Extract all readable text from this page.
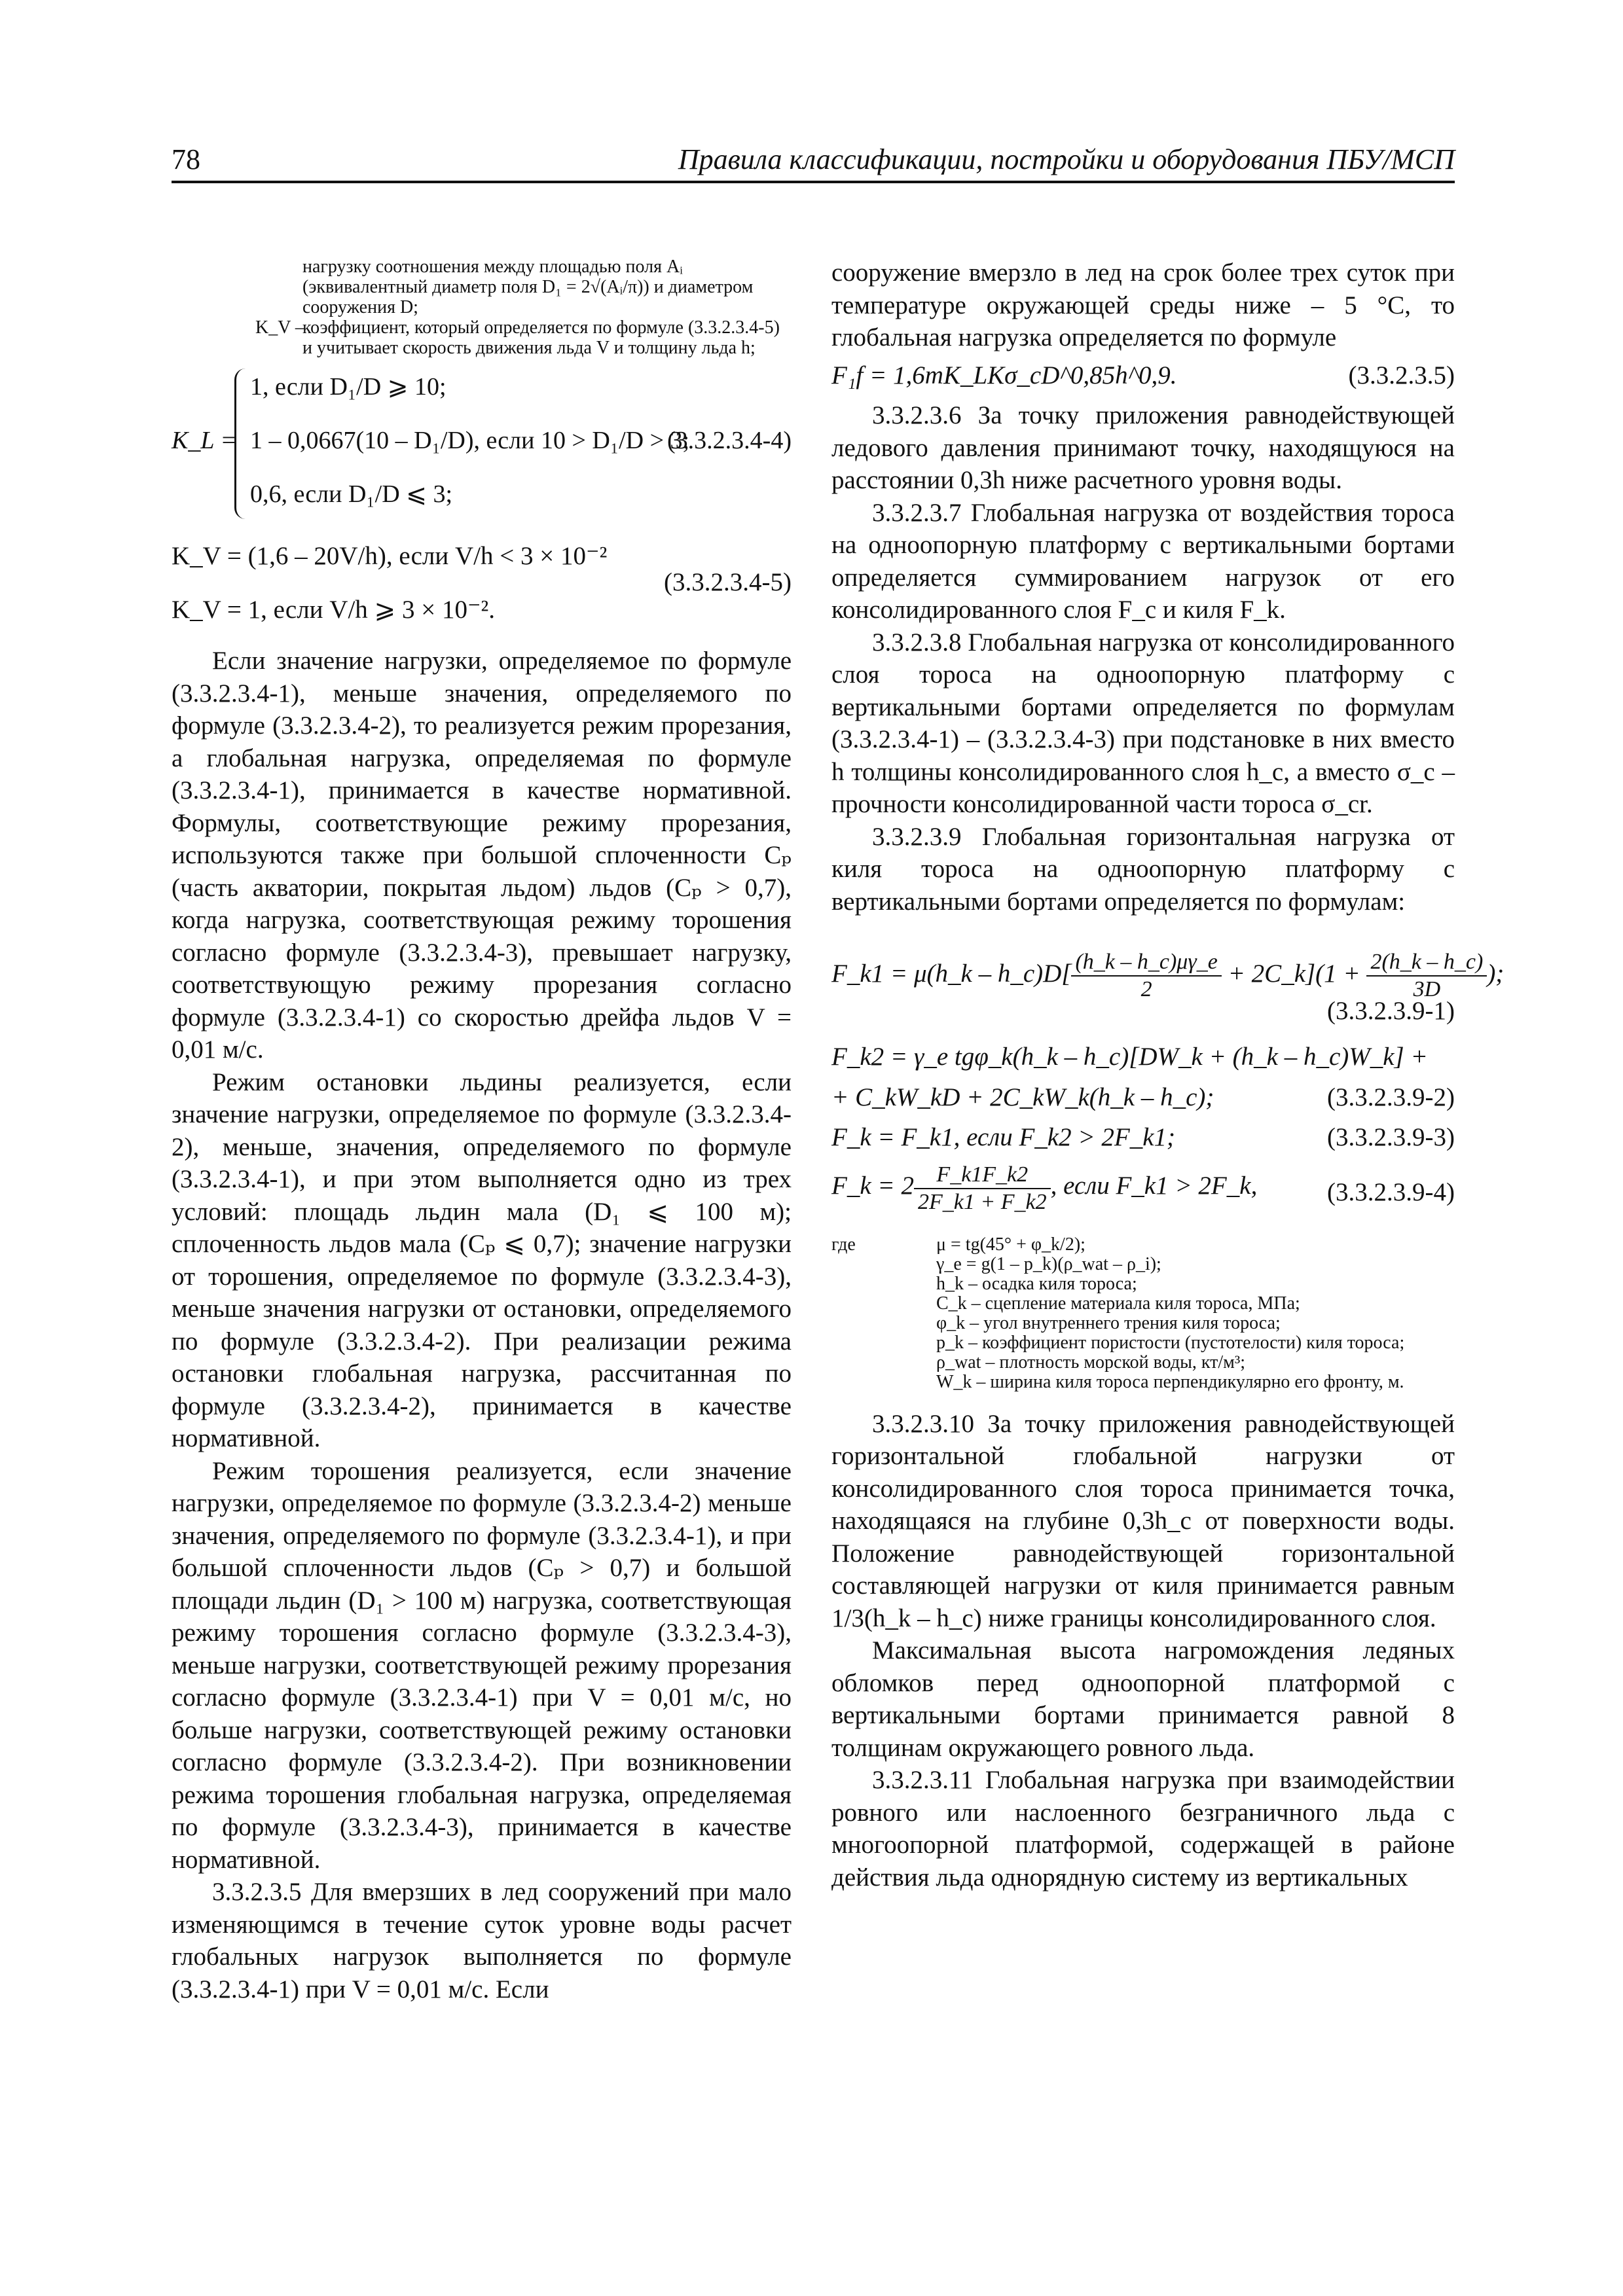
78	Правила классификации, постройки и оборудования ПБУ/МСП
нагрузку соотношения между площадью поля Aᵢ (эквивалентный диаметр поля D₁ = 2√(Aᵢ/π)) и диаметром сооружения D;
K_V –
коэффициент, который определяется по формуле (3.3.2.3.4-5) и учитывает скорость движения льда V и толщину льда h;
K_L =
1, если D₁/D ⩾ 10;
1 – 0,0667(10 – D₁/D), если 10 > D₁/D > 3;
0,6, если D₁/D ⩽ 3;
(3.3.2.3.4-4)
K_V = (1,6 – 20V/h), если V/h < 3 × 10⁻²
(3.3.2.3.4-5)
K_V = 1, если V/h ⩾ 3 × 10⁻².

Если значение нагрузки, определяемое по формуле (3.3.2.3.4-1), меньше значения, определяемого по формуле (3.3.2.3.4-2), то реализуется режим прорезания, а глобальная нагрузка, определяемая по формуле (3.3.2.3.4-1), принимается в качестве нормативной. Формулы, соответствующие режиму прорезания, используются также при большой сплоченности Cₚ (часть акватории, покрытая льдом) льдов (Cₚ > 0,7), когда нагрузка, соответствующая режиму торошения согласно формуле (3.3.2.3.4-3), превышает нагрузку, соответствующую режиму прорезания согласно формуле (3.3.2.3.4-1) со скоростью дрейфа льдов V = 0,01 м/с.

Режим остановки льдины реализуется, если значение нагрузки, определяемое по формуле (3.3.2.3.4-2), меньше, значения, определяемого по формуле (3.3.2.3.4-1), и при этом выполняется одно из трех условий: площадь льдин мала (D₁ ⩽ 100 м); сплоченность льдов мала (Cₚ ⩽ 0,7); значение нагрузки от торошения, определяемое по формуле (3.3.2.3.4-3), меньше значения нагрузки от остановки, определяемого по формуле (3.3.2.3.4-2). При реализации режима остановки глобальная нагрузка, рассчитанная по формуле (3.3.2.3.4-2), принимается в качестве нормативной.

Режим торошения реализуется, если значение нагрузки, определяемое по формуле (3.3.2.3.4-2) меньше значения, определяемого по формуле (3.3.2.3.4-1), и при большой сплоченности льдов (Cₚ > 0,7) и большой площади льдин (D₁ > 100 м) нагрузка, соответствующая режиму торошения согласно формуле (3.3.2.3.4-3), меньше нагрузки, соответствующей режиму прорезания согласно формуле (3.3.2.3.4-1) при V = 0,01 м/с, но больше нагрузки, соответствующей режиму остановки согласно формуле (3.3.2.3.4-2). При возникновении режима торошения глобальная нагрузка, определяемая по формуле (3.3.2.3.4-3), принимается в качестве нормативной.

3.3.2.3.5 Для вмерзших в лед сооружений при мало изменяющимся в течение суток уровне воды расчет глобальных нагрузок выполняется по формуле (3.3.2.3.4-1) при V = 0,01 м/с. Если

сооружение вмерзло в лед на срок более трех суток при температуре окружающей среды ниже – 5 °С, то глобальная нагрузка определяется по формуле

F₁f = 1,6mK_LKσ_cD^0,85h^0,9.	(3.3.2.3.5)

3.3.2.3.6 За точку приложения равнодействующей ледового давления принимают точку, находящуюся на расстоянии 0,3h ниже расчетного уровня воды.

3.3.2.3.7 Глобальная нагрузка от воздействия тороса на одноопорную платформу с вертикальными бортами определяется суммированием нагрузок от его консолидированного слоя F_c и киля F_k.

3.3.2.3.8 Глобальная нагрузка от консолидированного слоя тороса на одноопорную платформу с вертикальными бортами определяется по формулам (3.3.2.3.4-1) – (3.3.2.3.4-3) при подстановке в них вместо h толщины консолидированного слоя h_c, а вместо σ_c – прочности консолидированной части тороса σ_cr.

3.3.2.3.9 Глобальная горизонтальная нагрузка от киля тороса на одноопорную платформу с вертикальными бортами определяется по формулам:

F_k1 = μ(h_k – h_c)D[ $\frac{(h\_k - h\_c)\mu\gamma\_e}{2}$ + 2C_k](1 + $\frac{2(h\_k - h\_c)}{3D}$ );
(3.3.2.3.9-1)
F_k2 = γ_e tgφ_k(h_k – h_c)[DW_k + (h_k – h_c)W_k] +
+ C_kW_kD + 2C_kW_k(h_k – h_c);	(3.3.2.3.9-2)
F_k = F_k1, если F_k2 > 2F_k1;	(3.3.2.3.9-3)
F_k = $2 \frac{F\_k1F\_k2}{2F\_k1 + F\_k2}$ , если F_k1 > 2F_k,	(3.3.2.3.9-4)
где	μ = tg(45° + φ_k/2);
γ_e = g(1 – p_k)(ρ_wat – ρ_i);
h_k – осадка киля тороса;
C_k – сцепление материала киля тороса, МПа;
φ_k – угол внутреннего трения киля тороса;
p_k – коэффициент пористости (пустотелости) киля тороса;
ρ_wat – плотность морской воды, кт/м³;
W_k – ширина киля тороса перпендикулярно его фронту, м.

3.3.2.3.10 За точку приложения равнодействующей горизонтальной глобальной нагрузки от консолидированного слоя тороса принимается точка, находящаяся на глубине 0,3h_c от поверхности воды. Положение равнодействующей горизонтальной составляющей нагрузки от киля принимается равным 1/3(h_k – h_c) ниже границы консолидированного слоя.

Максимальная высота нагромождения ледяных обломков перед одноопорной платформой с вертикальными бортами принимается равной 8 толщинам окружающего ровного льда.

3.3.2.3.11 Глобальная нагрузка при взаимодействии ровного или наслоенного безграничного льда с многоопорной платформой, содержащей в районе действия льда однорядную систему из вертикальных
